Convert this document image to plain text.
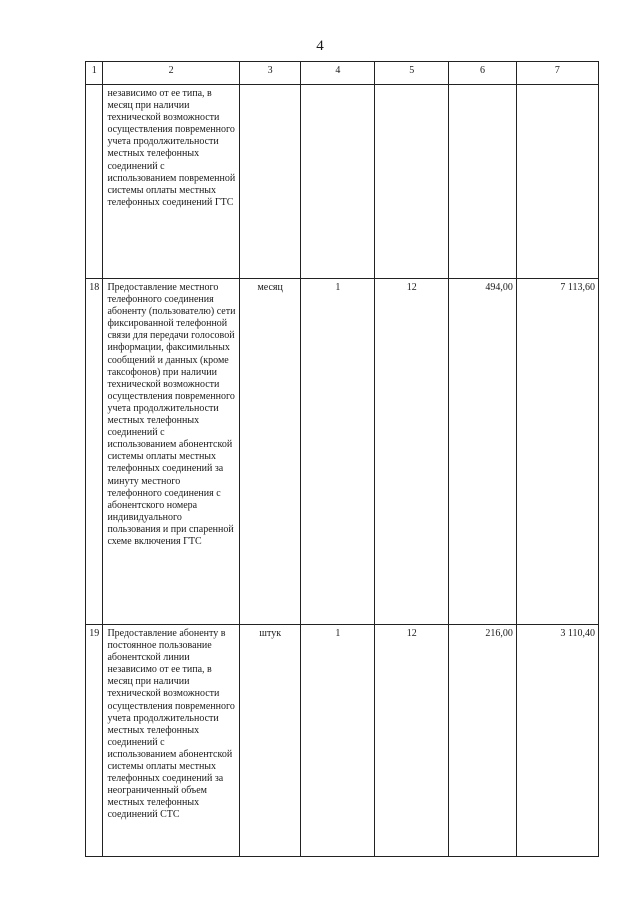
4
1	2	3	4	5	6	7
	независимо от ее типа, в месяц при наличии технической возможности осуществления повременного учета продолжительности местных телефонных соединений с использованием повременной системы оплаты местных телефонных соединений ГТС					
18	Предоставление местного телефонного соединения абоненту (пользователю) сети фиксированной телефонной связи для передачи голосовой информации, факсимильных сообщений и данных (кроме таксофонов) при наличии технической возможности осуществления повременного учета продолжительности местных телефонных соединений с использованием абонентской системы оплаты местных телефонных соединений за минуту местного телефонного соединения с абонентского номера индивидуального пользования и при спаренной схеме включения ГТС	месяц	1	12	494,00	7 113,60
19	Предоставление абоненту в постоянное пользование абонентской линии независимо от ее типа, в месяц при наличии технической возможности осуществления повременного учета продолжительности местных телефонных соединений с использованием абонентской системы оплаты местных телефонных соединений за неограниченный объем местных телефонных соединений СТС	штук	1	12	216,00	3 110,40
